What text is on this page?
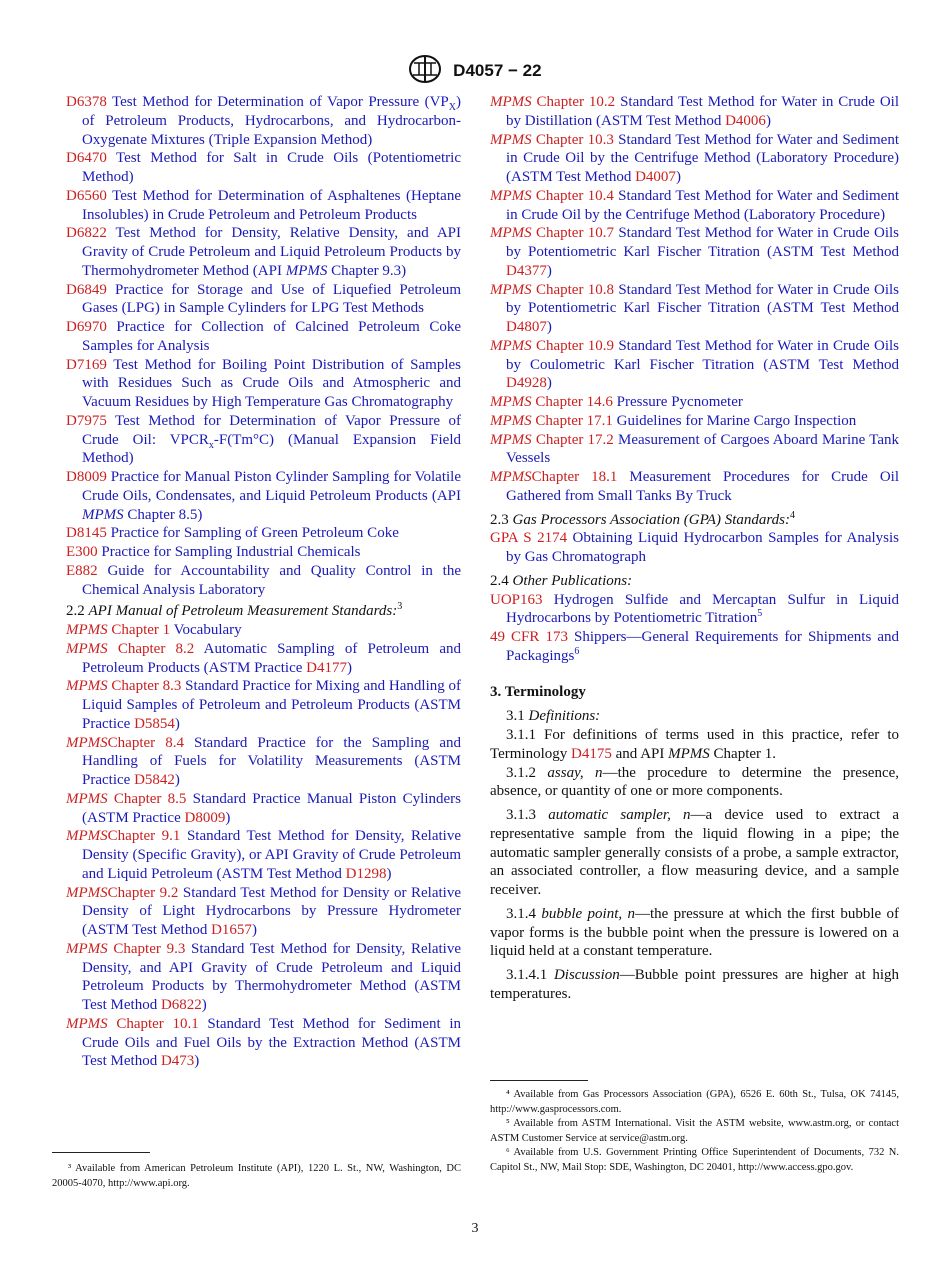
D4057 − 22
D6378 Test Method for Determination of Vapor Pressure $(VP_X)$ of Petroleum Products, Hydrocarbons, and Hydrocarbon-Oxygenate Mixtures (Triple Expansion Method)
D6470 Test Method for Salt in Crude Oils (Potentiometric Method)
D6560 Test Method for Determination of Asphaltenes (Heptane Insolubles) in Crude Petroleum and Petroleum Products
D6822 Test Method for Density, Relative Density, and API Gravity of Crude Petroleum and Liquid Petroleum Products by Thermohydrometer Method (API MPMS Chapter 9.3)
D6849 Practice for Storage and Use of Liquefied Petroleum Gases (LPG) in Sample Cylinders for LPG Test Methods
D6970 Practice for Collection of Calcined Petroleum Coke Samples for Analysis
D7169 Test Method for Boiling Point Distribution of Samples with Residues Such as Crude Oils and Atmospheric and Vacuum Residues by High Temperature Gas Chromatography
D7975 Test Method for Determination of Vapor Pressure of Crude Oil: $VPCR_x-F(Tm^\circ C)$ (Manual Expansion Field Method)
D8009 Practice for Manual Piston Cylinder Sampling for Volatile Crude Oils, Condensates, and Liquid Petroleum Products (API MPMS Chapter 8.5)
D8145 Practice for Sampling of Green Petroleum Coke
E300 Practice for Sampling Industrial Chemicals
E882 Guide for Accountability and Quality Control in the Chemical Analysis Laboratory
2.2 API Manual of Petroleum Measurement Standards:$^3$
MPMS Chapter 1 Vocabulary
MPMS Chapter 8.2 Automatic Sampling of Petroleum and Petroleum Products (ASTM Practice D4177)
MPMS Chapter 8.3 Standard Practice for Mixing and Handling of Liquid Samples of Petroleum and Petroleum Products (ASTM Practice D5854)
MPMSChapter 8.4 Standard Practice for the Sampling and Handling of Fuels for Volatility Measurements (ASTM Practice D5842)
MPMS Chapter 8.5 Standard Practice Manual Piston Cylinders (ASTM Practice D8009)
MPMSChapter 9.1 Standard Test Method for Density, Relative Density (Specific Gravity), or API Gravity of Crude Petroleum and Liquid Petroleum (ASTM Test Method D1298)
MPMSChapter 9.2 Standard Test Method for Density or Relative Density of Light Hydrocarbons by Pressure Hydrometer (ASTM Test Method D1657)
MPMS Chapter 9.3 Standard Test Method for Density, Relative Density, and API Gravity of Crude Petroleum and Liquid Petroleum Products by Thermohydrometer Method (ASTM Test Method D6822)
MPMS Chapter 10.1 Standard Test Method for Sediment in Crude Oils and Fuel Oils by the Extraction Method (ASTM Test Method D473)
MPMS Chapter 10.2 Standard Test Method for Water in Crude Oil by Distillation (ASTM Test Method D4006)
MPMS Chapter 10.3 Standard Test Method for Water and Sediment in Crude Oil by the Centrifuge Method (Laboratory Procedure) (ASTM Test Method D4007)
MPMS Chapter 10.4 Standard Test Method for Water and Sediment in Crude Oil by the Centrifuge Method (Laboratory Procedure)
MPMS Chapter 10.7 Standard Test Method for Water in Crude Oils by Potentiometric Karl Fischer Titration (ASTM Test Method D4377)
MPMS Chapter 10.8 Standard Test Method for Water in Crude Oils by Potentiometric Karl Fischer Titration (ASTM Test Method D4807)
MPMS Chapter 10.9 Standard Test Method for Water in Crude Oils by Coulometric Karl Fischer Titration (ASTM Test Method D4928)
MPMS Chapter 14.6 Pressure Pycnometer
MPMS Chapter 17.1 Guidelines for Marine Cargo Inspection
MPMS Chapter 17.2 Measurement of Cargoes Aboard Marine Tank Vessels
MPMSChapter 18.1 Measurement Procedures for Crude Oil Gathered from Small Tanks By Truck
2.3 Gas Processors Association (GPA) Standards:$^4$
GPA S 2174 Obtaining Liquid Hydrocarbon Samples for Analysis by Gas Chromatograph
2.4 Other Publications:
UOP163 Hydrogen Sulfide and Mercaptan Sulfur in Liquid Hydrocarbons by Potentiometric Titration$^5$
49 CFR 173 Shippers—General Requirements for Shipments and Packagings$^6$
3. Terminology
3.1 Definitions:
3.1.1 For definitions of terms used in this practice, refer to Terminology D4175 and API MPMS Chapter 1.
3.1.2 assay, n—the procedure to determine the presence, absence, or quantity of one or more components.
3.1.3 automatic sampler, n—a device used to extract a representative sample from the liquid flowing in a pipe; the automatic sampler generally consists of a probe, a sample extractor, an associated controller, a flow measuring device, and a sample receiver.
3.1.4 bubble point, n—the pressure at which the first bubble of vapor forms is the bubble point when the pressure is lowered on a liquid held at a constant temperature.
3.1.4.1 Discussion—Bubble point pressures are higher at high temperatures.

³ Available from American Petroleum Institute (API), 1220 L. St., NW, Washington, DC 20005-4070, http://www.api.org.

⁴ Available from Gas Processors Association (GPA), 6526 E. 60th St., Tulsa, OK 74145, http://www.gasprocessors.com.

⁵ Available from ASTM International. Visit the ASTM website, www.astm.org, or contact ASTM Customer Service at service@astm.org.

⁶ Available from U.S. Government Printing Office Superintendent of Documents, 732 N. Capitol St., NW, Mail Stop: SDE, Washington, DC 20401, http://www.access.gpo.gov.

3
